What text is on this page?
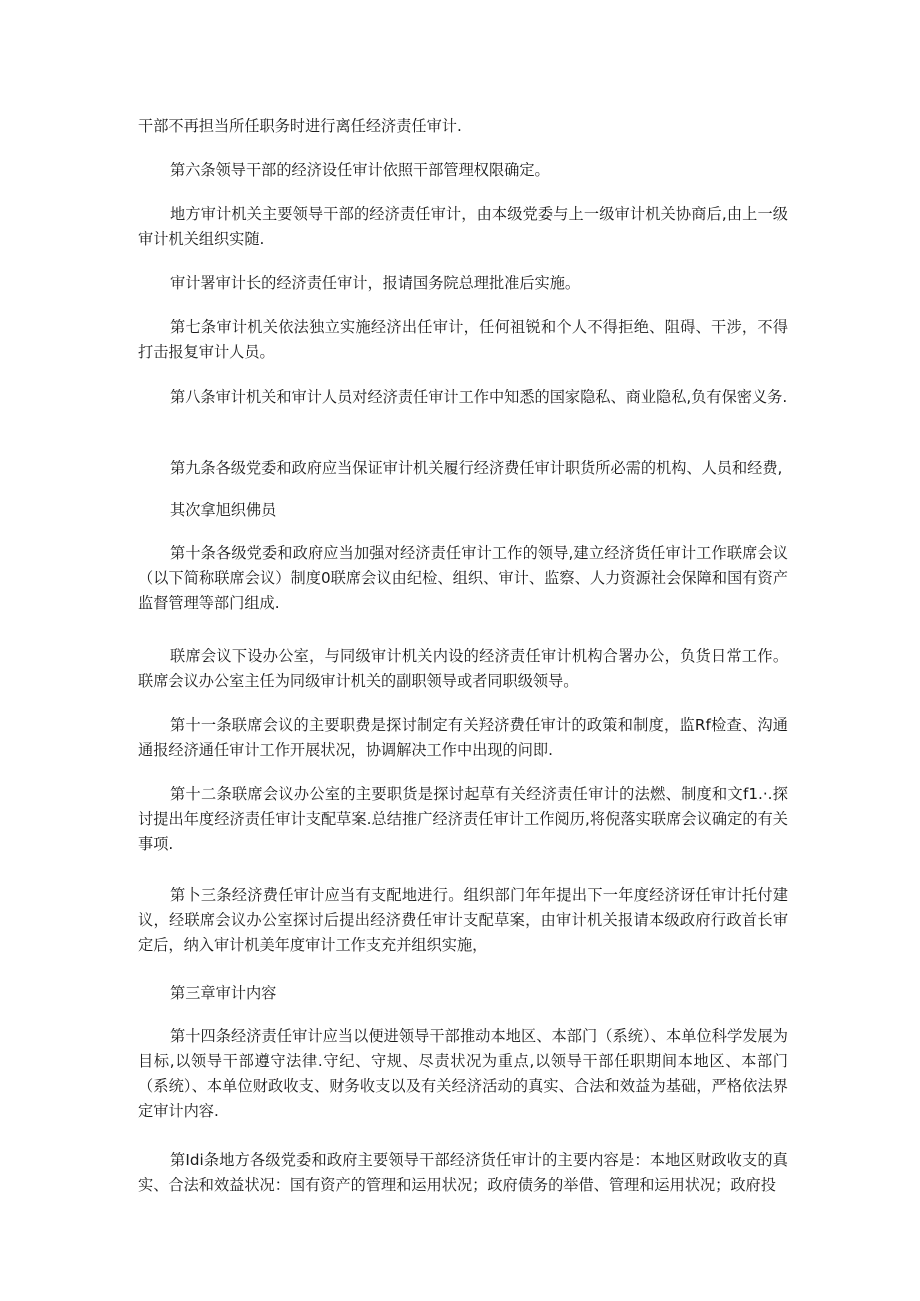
干部不再担当所任职务时进行离任经济责任审计.

第六条领导干部的经济设任审计依照干部管理权限确定。

地方审计机关主要领导干部的经济责任审计，由本级党委与上一级审计机关协商后,由上一级审计机关组织实随.

审计署审计长的经济责任审计，报请国务院总理批准后实施。

第七条审计机关依法独立实施经济出任审计，任何祖锐和个人不得拒绝、阻碍、干涉，不得打击报复审计人员。

第八条审计机关和审计人员对经济责任审计工作中知悉的国家隐私、商业隐私,负有保密义务.

第九条各级党委和政府应当保证审计机关履行经济费任审计职货所必需的机构、人员和经费,

其次拿旭织佛员

第十条各级党委和政府应当加强对经济责任审计工作的领导,建立经济货任审计工作联席会议（以下简称联席会议）制度0联席会议由纪检、组织、审计、监察、人力资源社会保障和国有资产监督管理等部门组成.

联席会议下设办公室，与同级审计机关内设的经济责任审计机构合署办公，负货日常工作。联席会议办公室主任为同级审计机关的副职领导或者同职级领导。

第十一条联席会议的主要职费是探讨制定有关羟济费任审计的政策和制度，监Rf检查、沟通通报经济通任审计工作开展状况，协调解决工作中出现的问即.

第十二条联席会议办公室的主要职货是探讨起草有关经济责任审计的法燃、制度和文f1.·.探讨提出年度经济责任审计支配草案.总结推广经济责任审计工作阅历,将倪落实联席会议确定的有关事项.

第卜三条经济费任审计应当有支配地进行。组织部门年年提出下一年度经济讶任审计托付建议，经联席会议办公室探讨后提出经济费任审计支配草案，由审计机关报请本级政府行政首长审定后，纳入审计机美年度审计工作支充并组织实施，

第三章审计内容

第十四条经济责任审计应当以便进领导干部推动本地区、本部门（系统）、本单位科学发展为目标,以领导干部遵守法律.守纪、守规、尽责状况为重点,以领导干部任职期间本地区、本部门（系统）、本单位财政收支、财务收支以及有关经济活动的真实、合法和效益为基础，严格依法界定审计内容.

第Idi条地方各级党委和政府主要领导干部经济货任审计的主要内容是：本地区财政收支的真实、合法和效益状况：国有资产的管理和运用状况；政府债务的举借、管理和运用状况；政府投
